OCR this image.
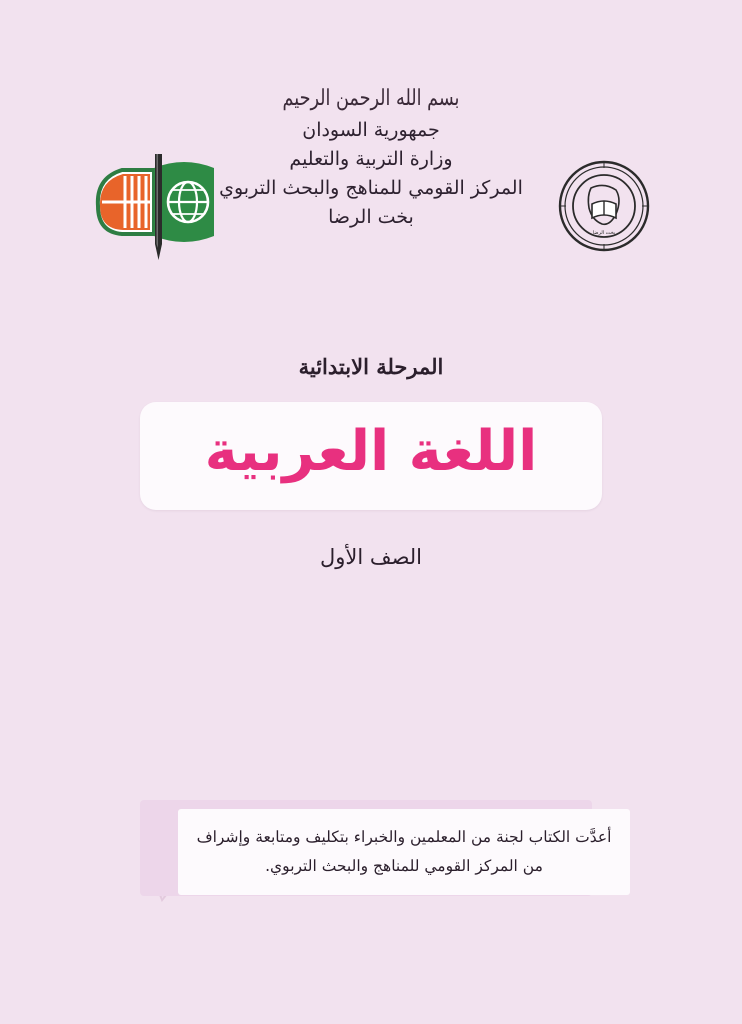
بسم الله الرحمن الرحيم
جمهورية السودان
وزارة التربية والتعليم
المركز القومي للمناهج والبحث التربوي
بخت الرضا
بخت الرضا
المرحلة الابتدائية
اللغة العربية
الصف الأول
أعدَّت الكتاب لجنة من المعلمين والخبراء بتكليف ومتابعة وإشراف
من المركز القومي للمناهج والبحث التربوي.
